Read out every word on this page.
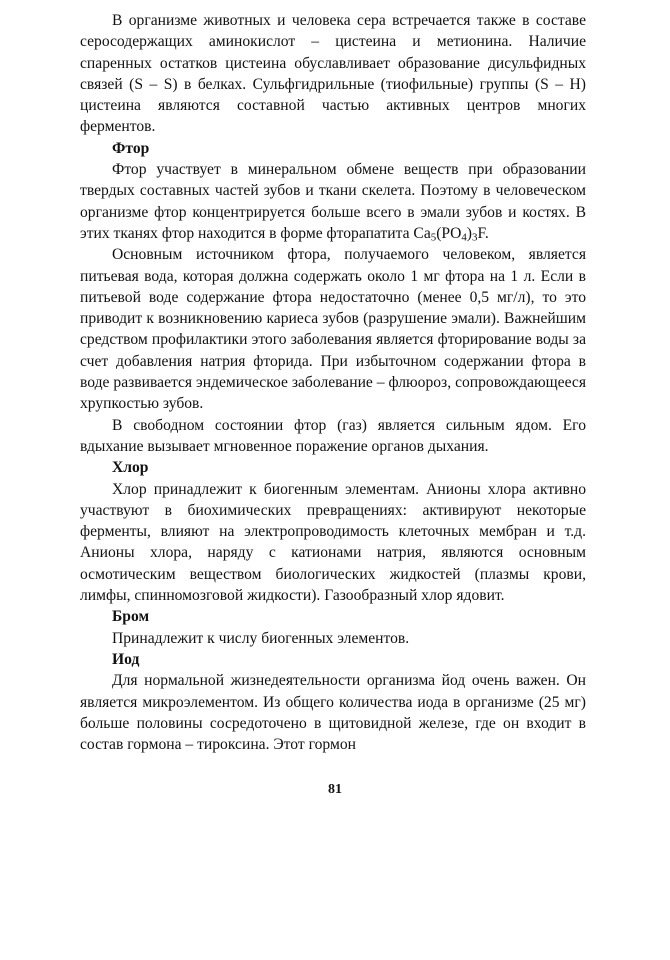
В организме животных и человека сера встречается также в составе серосодержащих аминокислот – цистеина и метионина. Наличие спаренных остатков цистеина обуславливает образование дисульфидных связей (S – S) в белках. Сульфгидрильные (тиофильные) группы (S – H) цистеина являются составной частью активных центров многих ферментов.

Фтор

Фтор участвует в минеральном обмене веществ при образовании твердых составных частей зубов и ткани скелета. Поэтому в человеческом организме фтор концентрируется больше всего в эмали зубов и костях. В этих тканях фтор находится в форме фторапатита $Ca_5(PO_4)_3F$.

Основным источником фтора, получаемого человеком, является питьевая вода, которая должна содержать около 1 мг фтора на 1 л. Если в питьевой воде содержание фтора недостаточно (менее 0,5 мг/л), то это приводит к возникновению кариеса зубов (разрушение эмали). Важнейшим средством профилактики этого заболевания является фторирование воды за счет добавления натрия фторида. При избыточном содержании фтора в воде развивается эндемическое заболевание – флюороз, сопровождающееся хрупкостью зубов.

В свободном состоянии фтор (газ) является сильным ядом. Его вдыхание вызывает мгновенное поражение органов дыхания.

Хлор

Хлор принадлежит к биогенным элементам. Анионы хлора активно участвуют в биохимических превращениях: активируют некоторые ферменты, влияют на электропроводимость клеточных мембран и т.д. Анионы хлора, наряду с катионами натрия, являются основным осмотическим веществом биологических жидкостей (плазмы крови, лимфы, спинномозговой жидкости). Газообразный хлор ядовит.

Бром

Принадлежит к числу биогенных элементов.

Иод

Для нормальной жизнедеятельности организма йод очень важен. Он является микроэлементом. Из общего количества иода в организме (25 мг) больше половины сосредоточено в щитовидной железе, где он входит в состав гормона – тироксина. Этот гормон

81
